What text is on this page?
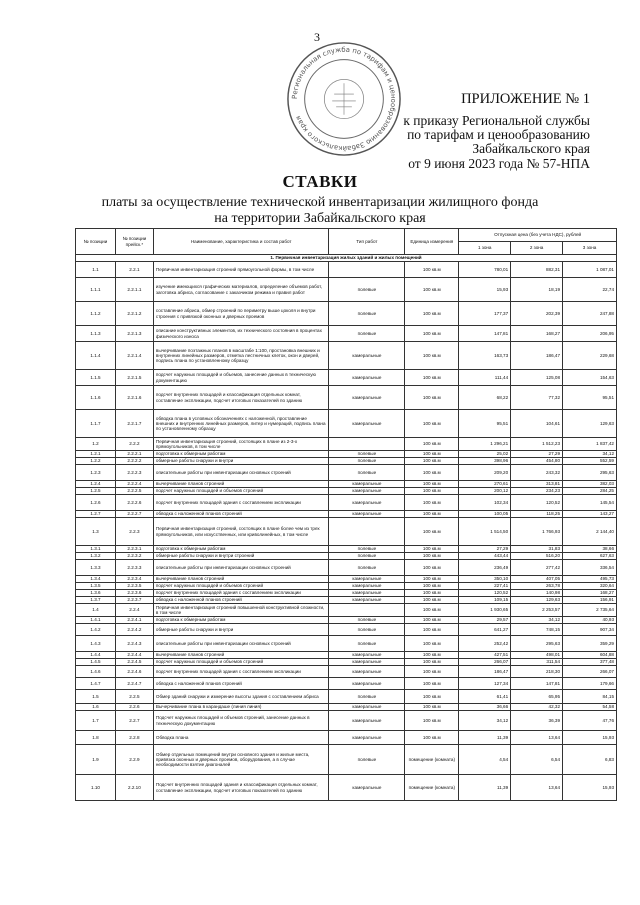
3
Региональная служба по тарифам и ценообразованию Забайкальского края
ПРИЛОЖЕНИЕ № 1
к приказу Региональной службы
по тарифам и ценообразованию
Забайкальского края
от 9 июня 2023 года № 57-НПА
СТАВКИ
платы за осуществление технической инвентаризации жилищного фонда
на территории Забайкальского края
№ позиции	№ позиции прейск.*	Наименование, характеристика и состав работ	Тип работ	Единица измерения	Отпускная цена (без учета НДС), рублей		
					1 зона	2 зона	3 зона
1. Первичная инвентаризация жилых зданий и жилых помещений							
1.1	2.2.1	Первичная инвентаризация строений прямоугольной формы, в том числе		100 кв.м	780,01	882,31	1 087,01
1.1.1	2.2.1.1	изучение имеющихся графических материалов, определение объемов работ, заготовка абриса, согласование с заказчиком режима и правил работ	полевые	100 кв.м	15,93	18,19	22,74
1.1.2	2.2.1.2	составление абриса, обмер строений по периметру выше цоколя и внутри строения с привязкой оконных и дверных проемов	полевые	100 кв.м	177,37	202,39	247,88
1.1.3	2.2.1.3	описание конструктивных элементов, их технического состояния в процентах физического износа	полевые	100 кв.м	147,81	168,27	206,95
1.1.4	2.2.1.4	вычерчивание поэтажных планов в масштабе 1:100, простановка внешних и внутренних линейных размеров, отметка лестничных клеток, окон и дверей, подпись плана по установленному образцу	камеральные	100 кв.м	163,73	186,47	229,68
1.1.5	2.2.1.5	подсчет наружных площадей и объемов, занесение данных в техническую документацию	камеральные	100 кв.м	111,44	125,08	154,63
1.1.6	2.2.1.6	подсчет внутренних площадей и классификация отдельных комнат, составление экспликации, подсчет итоговых показателей по зданию	камеральные	100 кв.м	68,22	77,32	95,51
1.1.7	2.2.1.7	обводка плана в условных обозначениях с наложенной, проставление внешних и внутренних линейных размеров, литер и нумераций, подпись плана по установленному образцу	камеральные	100 кв.м	95,51	104,61	129,63
1.2	2.2.2	Первичная инвентаризация строений, состоящих в плане из 2-3-х прямоугольников, в том числе		100 кв.м	1 296,21	1 512,23	1 837,42
1.2.1	2.2.2.1	подготовка к обмерным работам	полевые	100 кв.м	25,02	27,29	34,12
1.2.2	2.2.2.2	обмерные работы снаружи и внутри	полевые	100 кв.м	398,96	454,80	552,59
1.2.3	2.2.2.3	описательные работы при инвентаризации основных строений	полевые	100 кв.м	209,20	243,32	295,63
1.2.4	2.2.2.4	вычерчивание планов строений	камеральные	100 кв.м	270,61	313,81	382,03
1.2.5	2.2.2.5	подсчет наружных площадей и объемов строений	камеральные	100 кв.м	200,12	234,23	284,25
1.2.6	2.2.2.6	подсчет внутренних площадей здания с составлением экспликации	камеральные	100 кв.м	102,34	120,52	145,54
1.2.7	2.2.2.7	обводка с наложенной планов строений	камеральные	100 кв.м	100,05	118,25	143,27
1.3	2.2.3	Первичная инвентаризация строений, состоящих в плане более чем из трех прямоугольников, или искусственных, или криволинейных, в том числе		100 кв.м	1 514,50	1 766,93	2 144,40
1.3.1	2.2.3.1	подготовка к обмерным работам	полевые	100 кв.м	27,29	31,83	38,66
1.3.2	2.2.3.2	обмерные работы снаружи и внутри строений	полевые	100 кв.м	443,44	516,20	627,63
1.3.3	2.2.3.3	описательные работы при инвентаризации основных строений	полевые	100 кв.м	236,49	277,42	336,54
1.3.4	2.2.3.4	вычерчивание планов строений	камеральные	100 кв.м	350,10	407,05	495,73
1.3.5	2.2.3.5	подсчет наружных площадей и объемов строений	камеральные	100 кв.м	227,41	263,78	320,64
1.3.6	2.2.3.6	подсчет внутренних площадей здания с составлением экспликации	камеральные	100 кв.м	120,52	140,98	168,27
1.3.7	2.2.3.7	обводка с наложенной планов строений	камеральные	100 кв.м	109,15	129,63	156,91
1.4	2.2.4	Первичная инвентаризация строений повышенной конструктивной сложности, в том числе		100 кв.м	1 930,65	2 253,57	2 735,64
1.4.1	2.2.4.1	подготовка к обмерным работам	полевые	100 кв.м	29,57	34,12	40,93
1.4.2	2.2.4.2	обмерные работы снаружи и внутри	полевые	100 кв.м	641,27	748,15	907,34
1.4.3	2.2.4.3	описательные работы при инвентаризации основных строений	полевые	100 кв.м	252,42	295,63	359,29
1.4.4	2.2.4.4	вычерчивание планов строений	камеральные	100 кв.м	427,51	498,01	604,88
1.4.5	2.2.4.5	подсчет наружных площадей и объемов строений	камеральные	100 кв.м	266,07	311,54	377,48
1.4.6	2.2.4.6	подсчет внутренних площадей здания с составлением экспликации	камеральные	100 кв.м	186,47	218,30	266,07
1.4.7	2.2.4.7	обводка с наложенной планов строений	камеральные	100 кв.м	127,34	147,81	179,66
1.5	2.2.5	Обмер зданий снаружи и измерение высоты здания с составлением абриса	полевые	100 кв.м	61,41	65,95	84,15
1.6	2.2.6	Вычерчивание плана в карандаше (линия линия)	камеральные	100 кв.м	36,66	42,32	54,58
1.7	2.2.7	Подсчет наружных площадей и объемов строений, занесение данных в техническую документацию	камеральные	100 кв.м	34,12	36,39	47,76
1.8	2.2.8	Обводка плана	камеральные	100 кв.м	11,39	13,64	15,93
1.9	2.2.9	Обмер отдельных помещений внутри основного здания и жилые места, привязка оконных и дверных проемов, оборудования, а в случае необходимости взятие диагоналей	полевые	помещение (комната)	4,54	6,54	6,83
1.10	2.2.10	Подсчет внутренних площадей здания и классификация отдельных комнат, составление экспликации, подсчет итоговых показателей по зданию	камеральные	помещение (комната)	11,39	13,64	15,93
